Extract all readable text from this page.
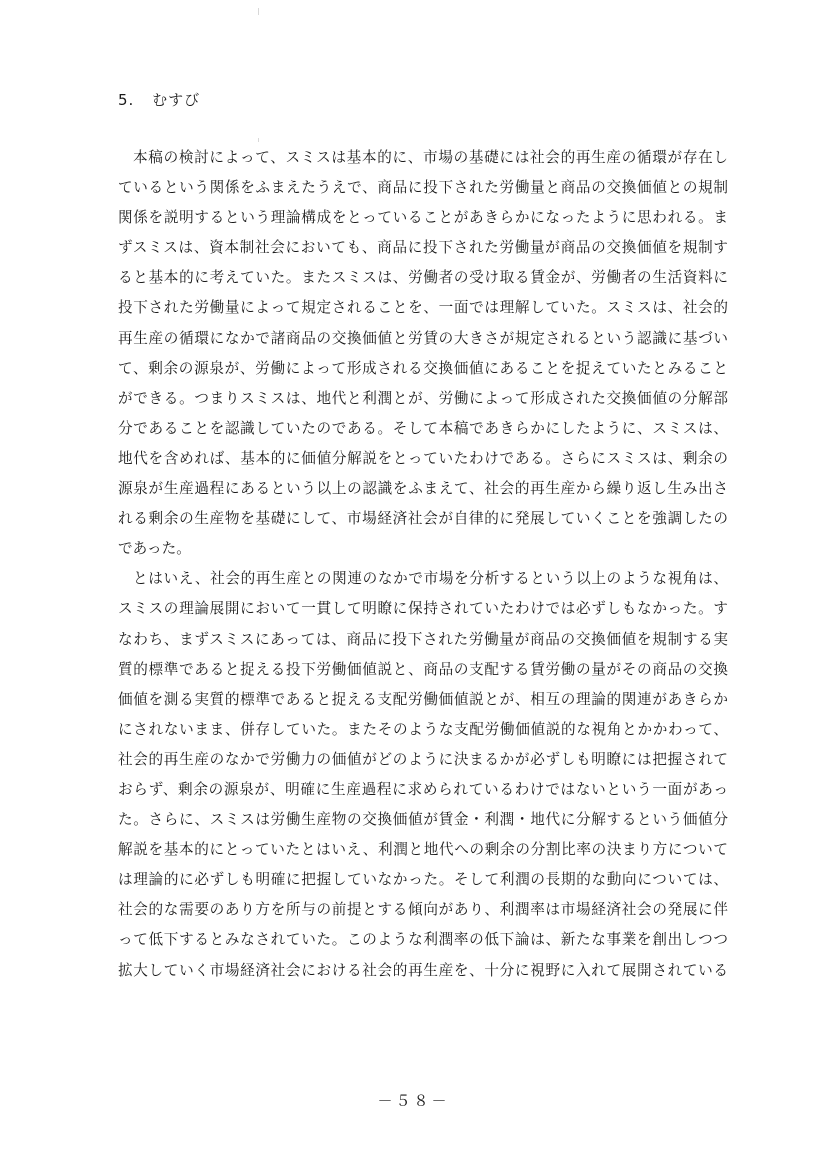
5. むすび
本稿の検討によって、スミスは基本的に、市場の基礎には社会的再生産の循環が存在し
ているという関係をふまえたうえで、商品に投下された労働量と商品の交換価値との規制
関係を説明するという理論構成をとっていることがあきらかになったように思われる。ま
ずスミスは、資本制社会においても、商品に投下された労働量が商品の交換価値を規制す
ると基本的に考えていた。またスミスは、労働者の受け取る賃金が、労働者の生活資料に
投下された労働量によって規定されることを、一面では理解していた。スミスは、社会的
再生産の循環になかで諸商品の交換価値と労賃の大きさが規定されるという認識に基づい
て、剰余の源泉が、労働によって形成される交換価値にあることを捉えていたとみること
ができる。つまりスミスは、地代と利潤とが、労働によって形成された交換価値の分解部
分であることを認識していたのである。そして本稿であきらかにしたように、スミスは、
地代を含めれば、基本的に価値分解説をとっていたわけである。さらにスミスは、剰余の
源泉が生産過程にあるという以上の認識をふまえて、社会的再生産から繰り返し生み出さ
れる剰余の生産物を基礎にして、市場経済社会が自律的に発展していくことを強調したの
であった。
とはいえ、社会的再生産との関連のなかで市場を分析するという以上のような視角は、
スミスの理論展開において一貫して明瞭に保持されていたわけでは必ずしもなかった。す
なわち、まずスミスにあっては、商品に投下された労働量が商品の交換価値を規制する実
質的標準であると捉える投下労働価値説と、商品の支配する賃労働の量がその商品の交換
価値を測る実質的標準であると捉える支配労働価値説とが、相互の理論的関連があきらか
にされないまま、併存していた。またそのような支配労働価値説的な視角とかかわって、
社会的再生産のなかで労働力の価値がどのように決まるかが必ずしも明瞭には把握されて
おらず、剰余の源泉が、明確に生産過程に求められているわけではないという一面があっ
た。さらに、スミスは労働生産物の交換価値が賃金・利潤・地代に分解するという価値分
解説を基本的にとっていたとはいえ、利潤と地代への剰余の分割比率の決まり方について
は理論的に必ずしも明確に把握していなかった。そして利潤の長期的な動向については、
社会的な需要のあり方を所与の前提とする傾向があり、利潤率は市場経済社会の発展に伴
って低下するとみなされていた。このような利潤率の低下論は、新たな事業を創出しつつ
拡大していく市場経済社会における社会的再生産を、十分に視野に入れて展開されている
－５８－
